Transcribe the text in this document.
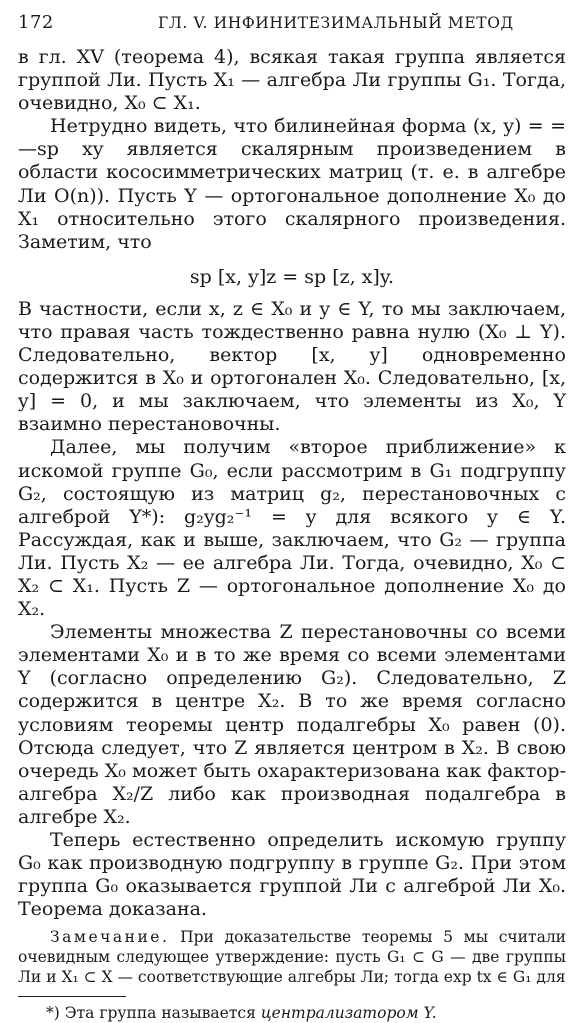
172	ГЛ. V. ИНФИНИТЕЗИМАЛЬНЫЙ МЕТОД

в гл. XV (теорема 4), всякая такая группа является группой Ли. Пусть X₁ — алгебра Ли группы G₁. Тогда, очевидно, X₀ ⊂ X₁.

Нетрудно видеть, что билинейная форма (x, y) = = —sp xy является скалярным произведением в области кососимметрических матриц (т. е. в алгебре Ли O(n)). Пусть Y — ортогональное дополнение X₀ до X₁ относительно этого скалярного произведения. Заметим, что

sp [x, y]z = sp [z, x]y.

В частности, если x, z ∈ X₀ и y ∈ Y, то мы заключаем, что правая часть тождественно равна нулю (X₀ ⊥ Y). Следовательно, вектор [x, y] одновременно содержится в X₀ и ортогонален X₀. Следовательно, [x, y] = 0, и мы заключаем, что элементы из X₀, Y взаимно перестановочны.

Далее, мы получим «второе приближение» к искомой группе G₀, если рассмотрим в G₁ подгруппу G₂, состоящую из матриц g₂, перестановочных с алгеброй Y*): g₂yg₂⁻¹ = y для всякого y ∈ Y. Рассуждая, как и выше, заключаем, что G₂ — группа Ли. Пусть X₂ — ее алгебра Ли. Тогда, очевидно, X₀ ⊂ X₂ ⊂ X₁. Пусть Z — ортогональное дополнение X₀ до X₂.

Элементы множества Z перестановочны со всеми элементами X₀ и в то же время со всеми элементами Y (согласно определению G₂). Следовательно, Z содержится в центре X₂. В то же время согласно условиям теоремы центр подалгебры X₀ равен (0). Отсюда следует, что Z является центром в X₂. В свою очередь X₀ может быть охарактеризована как фактор-алгебра X₂/Z либо как производная подалгебра в алгебре X₂.

Теперь естественно определить искомую группу G₀ как производную подгруппу в группе G₂. При этом группа G₀ оказывается группой Ли с алгеброй Ли X₀. Теорема доказана.

Замечание. При доказательстве теоремы 5 мы считали очевидным следующее утверждение: пусть G₁ ⊂ G — две группы Ли и X₁ ⊂ X — соответствующие алгебры Ли; тогда exp tx ∈ G₁ для
*) Эта группа называется централизатором Y.
